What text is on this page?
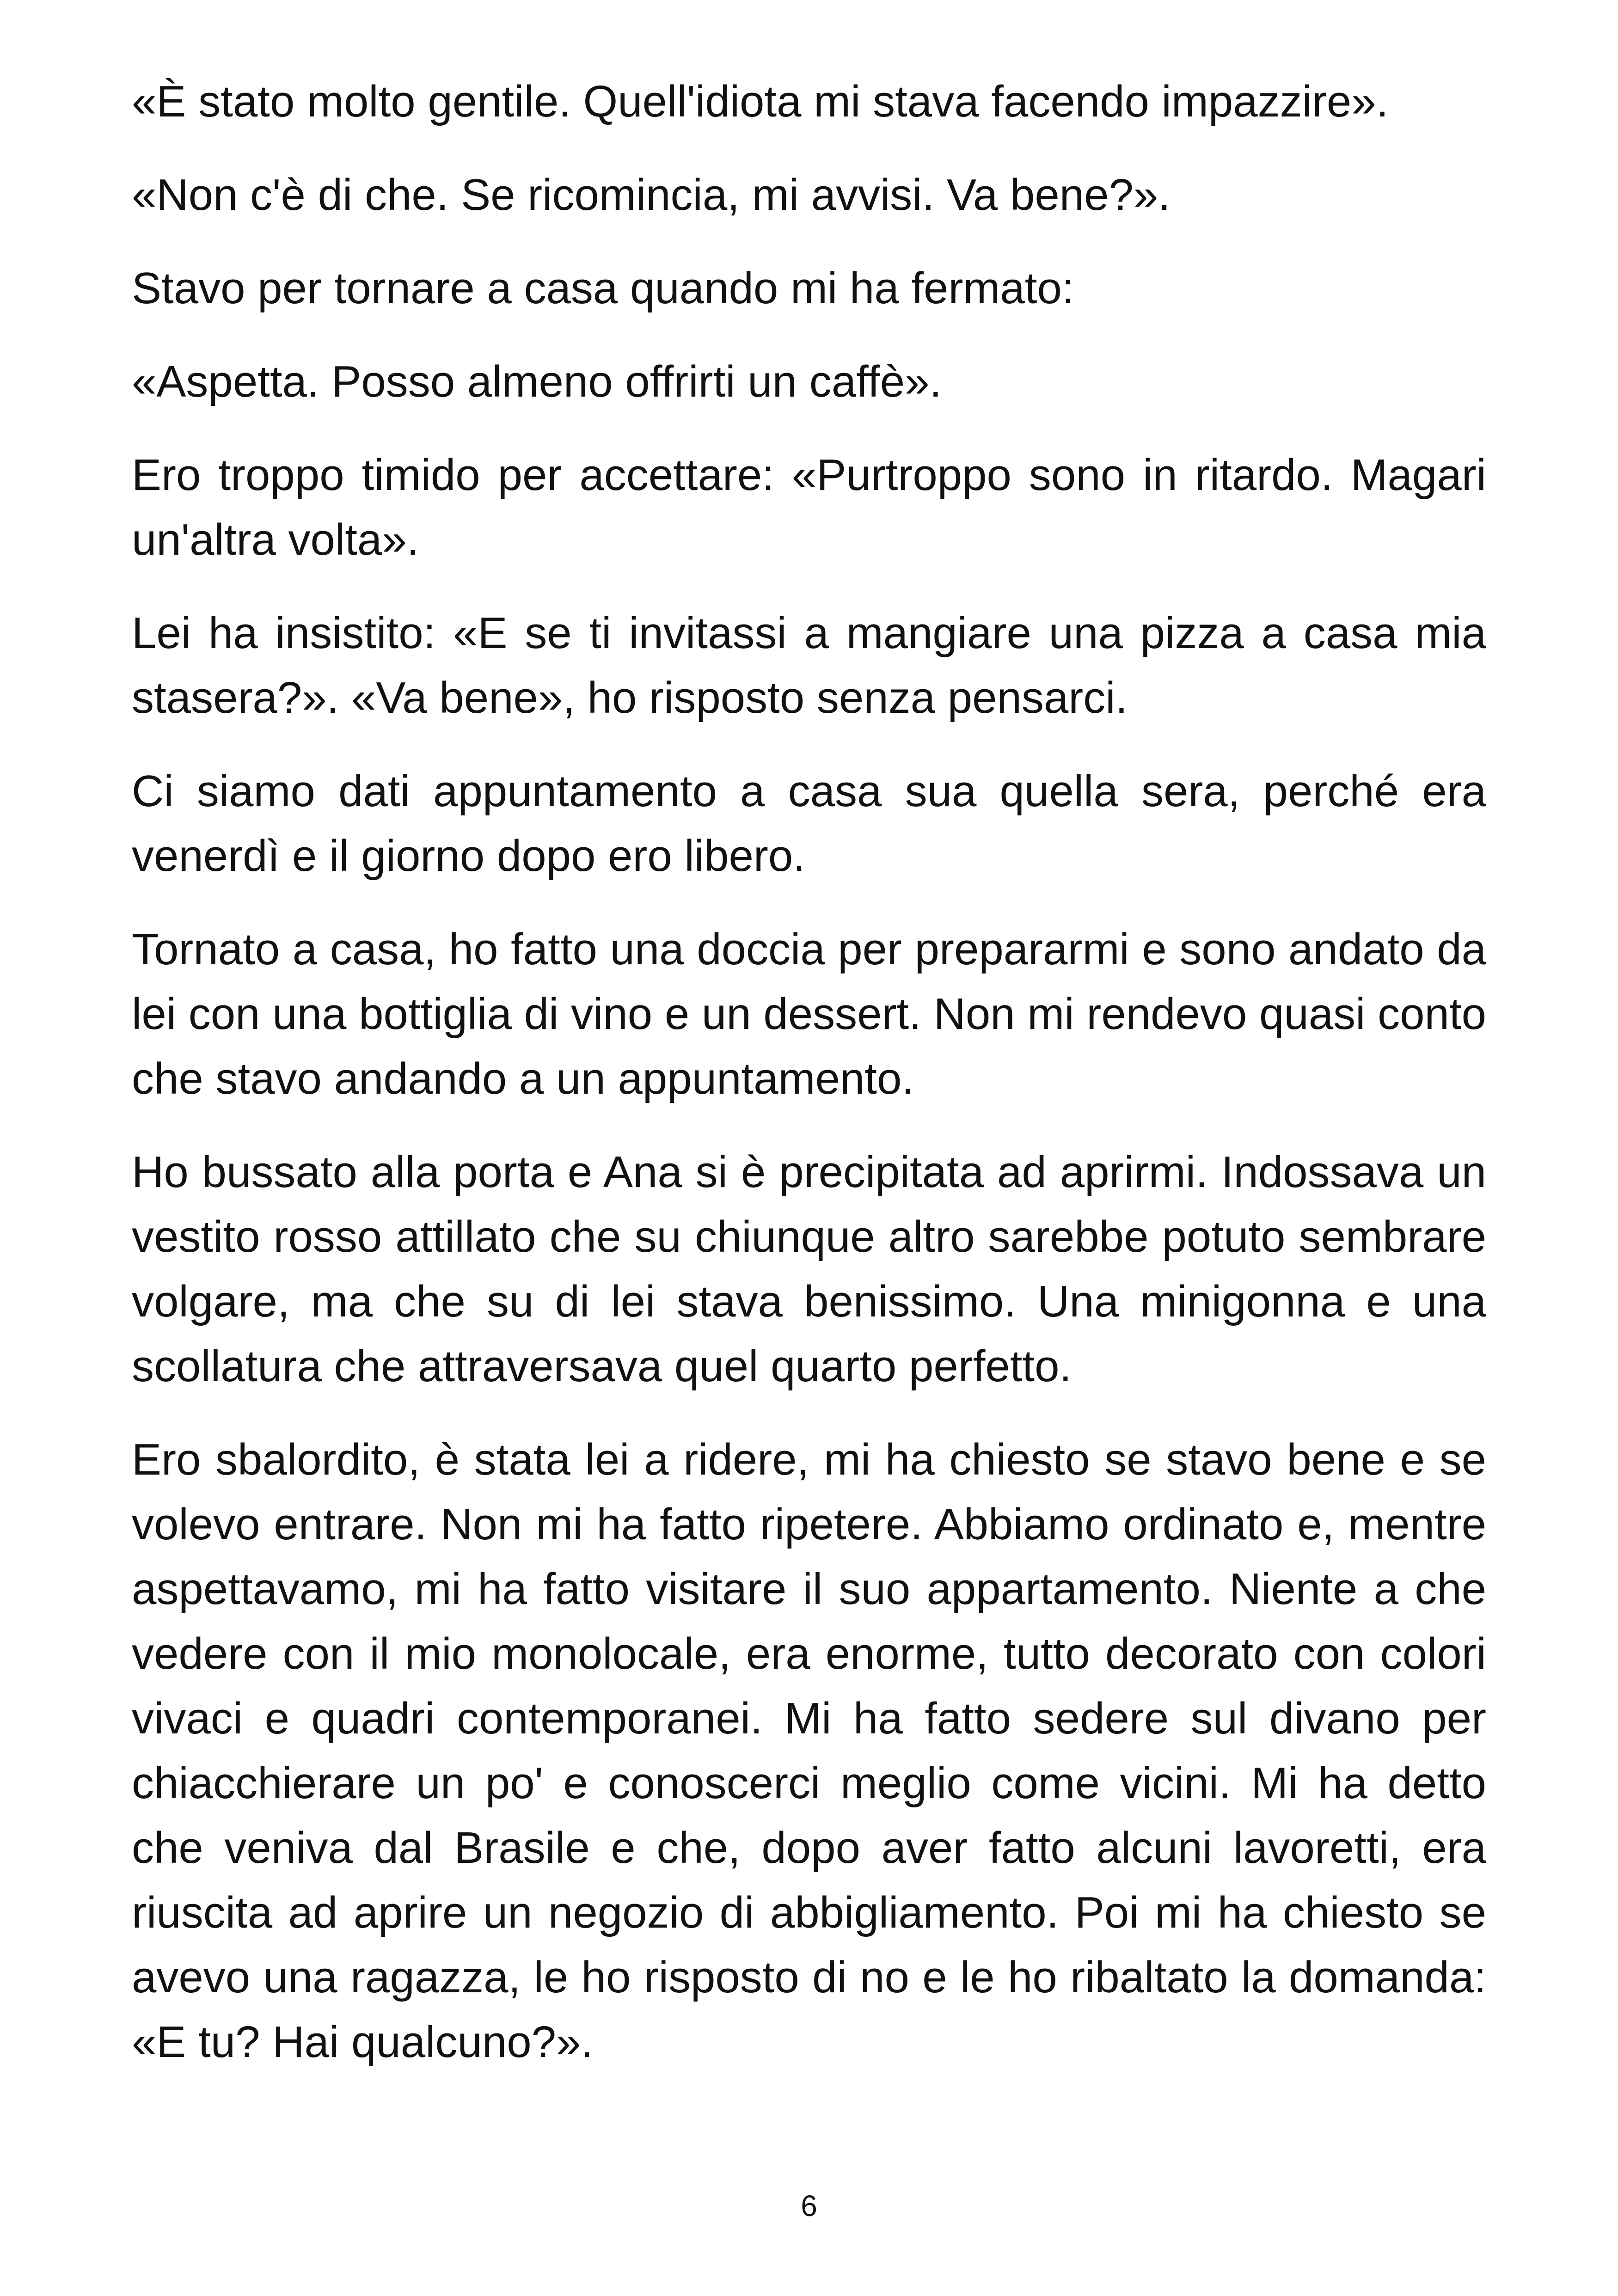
«È stato molto gentile. Quell'idiota mi stava facendo impazzire».

«Non c'è di che. Se ricomincia, mi avvisi. Va bene?».

Stavo per tornare a casa quando mi ha fermato:

«Aspetta. Posso almeno offrirti un caffè».

Ero troppo timido per accettare: «Purtroppo sono in ritardo. Magari un'altra volta».

Lei ha insistito: «E se ti invitassi a mangiare una pizza a casa mia stasera?». «Va bene», ho risposto senza pensarci.

Ci siamo dati appuntamento a casa sua quella sera, perché era venerdì e il giorno dopo ero libero.

Tornato a casa, ho fatto una doccia per prepararmi e sono andato da lei con una bottiglia di vino e un dessert. Non mi rendevo quasi conto che stavo andando a un appuntamento.

Ho bussato alla porta e Ana si è precipitata ad aprirmi. Indossava un vestito rosso attillato che su chiunque altro sarebbe potuto sembrare volgare, ma che su di lei stava benissimo. Una minigonna e una scollatura che attraversava quel quarto perfetto.

Ero sbalordito, è stata lei a ridere, mi ha chiesto se stavo bene e se volevo entrare. Non mi ha fatto ripetere. Abbiamo ordinato e, mentre aspettavamo, mi ha fatto visitare il suo appartamento. Niente a che vedere con il mio monolocale, era enorme, tutto decorato con colori vivaci e quadri contemporanei. Mi ha fatto sedere sul divano per chiacchierare un po' e conoscerci meglio come vicini. Mi ha detto che veniva dal Brasile e che, dopo aver fatto alcuni lavoretti, era riuscita ad aprire un negozio di abbigliamento. Poi mi ha chiesto se avevo una ragazza, le ho risposto di no e le ho ribaltato la domanda: «E tu? Hai qualcuno?».

6
